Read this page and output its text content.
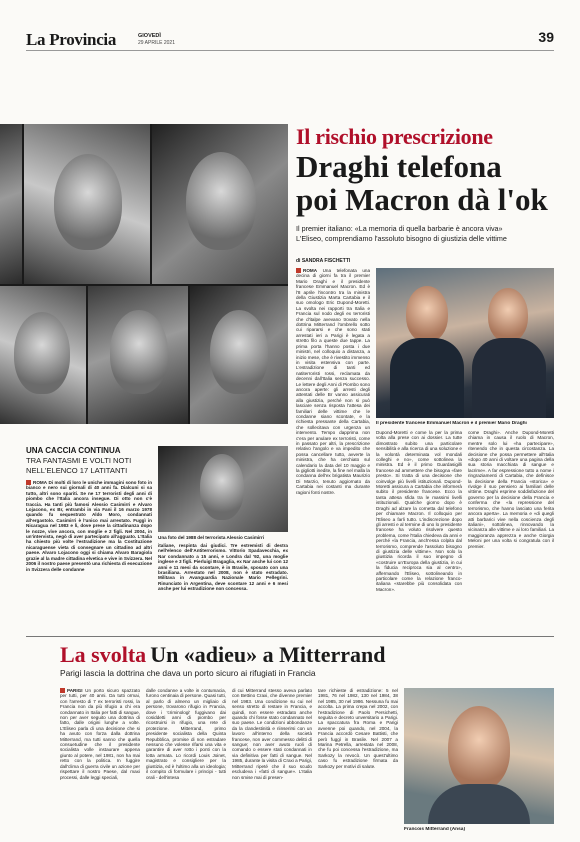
La Provincia	GIOVEDÌ
29 APRILE 2021	39
Il rischio prescrizione
Draghi telefona
poi Macron dà l'ok
Il premier italiano: «La memoria di quella barbarie è ancora viva»
L'Eliseo, comprendiamo l'assoluto bisogno di giustizia delle vittime
di SANDRA FISCHETTI
ROMA Una telefonata una decina di giorni fa tra il premier Mario Draghi e il presidente francese Emmanuel Macron. Ed è l'8 aprile l'incontro tra la ministra della Giustizia Marta Cartabia e il suo omologo Eric Dupond-Moretti. La svolta nei rapporti tra Italia e Francia sul nodo degli ex terroristi che d'italpe avevano trovato nella dottrina Mitterrand l'ombrello sotto cui ripararsi e che sono stati arrestati ieri a Parigi è legata a stretto filo a queste due tappe. La prima porta l'hanno posta i due ministri, nel colloquio a distanza, a inizio mese, che è rivestito immenso in visita estensiva con parte. L'estradizione di tanti ed natiterroristi rossi, reclamata da decenni dall'Italia senza successo. Le lettere degli Anni di Piombo sono ancora aperte: gli arresti degli attentati delle Br vanno assicurati alla giustizia, perché non si può lasciare senza risposta l'attesa dei familiari delle vittime che le condanne siano scontate, e la richiesta pressante della Cartabia, che sollecitava con urgenza un intervento. Tempo dapprima non c'era per anulare ex terroristi, come in passato per altri, la prescrizione relativo l'angolo e va impedito che possa cancellare tutto, avverte la ministra, che ha cerchiato sul calendario la data del 10 maggio e la gigliotti inedite, la fine nel malla la condanna dell'ex brigatista Maurizio Di Marzio, tenuto aggiornato da Cartabia nei costanti ma durante ragioni fonti nostre.
Il presidente francese Emmanuel Macron e il premier Mario Draghi
Dupond-Moretti e come la per la prima volta alla prese con ai dossier. La tutte dimostrato subito una particolare sensibilità e alla ricerca di una soluzione e la volontà determinata vol mondali colleghi e no», come sottolinea la ministra. Ed è il primo Guardasigilli francese ad ammettere che bisogna «fare presto». Si tratta di una decisione che coinvolge più livelli istituzionali. Dupond-Moretti assicura a Cartabia che informerà subito il presidente francese. Ecco la tanta attesa sfida tra le massimi livelli istituzionali. Qualche giorno dopo è Draghi ad alzare la cornetta dal telefono per chiamare Macron. Il colloquio per l'Eliseo a farli tutto. L'indiscrezione dopo gli arresti e al termine di uno lo presidente francese ha voluto risolvere questo problema, come l'Italia chiedeva da anni e perché «la Francia, anch'essa colpita dal terrorismo, comprende l'assoluto bisogno di giustizia delle vittime». Non solo la giustizia ricorda il suo impegno di «costruire un'Europa della giustizia, in cui la fiducia reciproca sia al centro», affermando l'Eliseo, sottolineando in particolare come la relazione franco-italiana «starebbe più consolidata con Macron».
come Draghi». Anche Dupond-Moretti chiama in causa il ruolo di Macron, mentre solo lui «ha partecipare», ritenendo che in questa circostanza. La decisione che possa permettere all'Italia «dopo 40 anni di voltare una pagina della sua storia macchiata di sangue e lacrime». A far espressione tutto a nome i ringraziamenti di Cartabia, che definisce la decisione della Francia «storica» e rivolge il suo pensiero ai familiari delle vittime. Draghi esprime soddisfazione del governo per la decisione della Francia e conferma che «la repressione del terrorismo, che hanno lasciato una ferita ancora aperta». La memoria e «di quegli atti barbarici vive nella coscienza degli italiani», sottolinea, rinnovando la vicinanza alle vittime e ai loro familiari. La maggioranza apprezza e anche Giorgia Meloni per una volta si congratula con il premier.
UNA CACCIA CONTINUA
TRA FANTASMI E VOLTI NOTI
NELL'ELENCO 17 LATITANTI
ROMA Di molti di loro le uniche immagini sono foto in bianco e nero sui giornali di 40 anni fa. Dialcuni si sa tutto, altri sono spariti. Se ne 17 terroristi degli anni di piombo che l'Italia ancora insegue. Di otto non c'è traccia. Ha tanti più famosi Alessio Casimirri e Alvaro Lojacono, ex Br, entrambi in via Fani il 16 marzo 1978 quando fu sequestrato Aldo Moro, condannati all'ergastolo. Casimirri è l'unico mai arrestato. Fuggì in Nicaragua nel 1983 e lì, dove prese la cittadinanza dopo le nozze, vive ancora, con moglie e 2 figli. Nel 2004, in un'intervista, negò di aver partecipato all'agguato. L'Italia ha chiesto più volte l'estradizione ma la Costituzione nicaraguense vieta di consegnare un cittadino ad altri paese. Alvaro Lojacono oggi si chiama Alvaro Baragiola grazie al la madre cittadina elvetica e vive in Svizzera. Nel 2006 il nostro paese presentò una richiesta di esecuzione in Svizzera delle condanne
Una foto del 1988 del terrorista Alessio Casimirri
italiane, respinta dai giudici. Tre estremisti di destra nell'elenco dell'Antiterrorismo. Vittorio Spadavecchia, ex Nar condannato a 15 anni, e Londra dal '92, una moglie inglese e 3 figli. Pierluigi Bragaglia, ex Nar anche lui con 12 anni e 11 mesi da scontare, è in Brasile, sposato con una brasiliana. Arrestato nel 2008, non è stato estradato. Militava in Avanguardia Nazionale Mario Pellegrini. Rinunciato in Argentina, deve scontare 12 anni e 6 mesi anche per lui estradizione non concessa.
La svolta Un «adieu» a Mitterrand
Parigi lascia la dottrina che dava un porto sicuro ai rifugiati in Francia
PARIGI Un porto sicuro spazzato per tutti, per 40 anni. Da tutti ormai, con l'arresto di 7 ex terroristi rossi, la Francia non da più rifugio a chi era condannato in Italia per fatti di sangue, non per aver seguito una dottrina di fatto, dalle origini lunghe a volte. L'Eliseo parla di una decisione che si ha avuto con forza dalla dottrina Mitterrand, ma tutti sanno che quella consuetudine che il presidente socialista volle instaurare appena giunto al potere, nel 1981, non ha mai retto con la politica. In fuggire dall'clima di guerra civile un azione per rispettare il nostro Paese, dal maxi processi, dalle leggi speciali,
dalle condanne a volte in contumacia, furono centinaia di persone. Quasi tutti, al parlo di almeno un migliaio di persone, trovarono rifugio in Francia, dove i 'criminologi' fuggivano dai cosiddetti anni di piombo per ricostruirsi in rifugio, una rete di protezione. Mitterrand, primo presidente socialista della Quinta Repubblica, promise di non estradare nessuno che volesse rifarsi una vita e garantire di aver rotto i ponti con la lotta armata. Lo ricordi Louis Joinet, magistrato e consigliere per la giustizia, ed è l'ultimo alla un ideologia; il compito di formulare i principi - tutti orali - dell'intesa
di cui Mitterrand stesso aveva parlato con Bettino Craxi, che divenne premier nel 1983. Una condizione su cui nel senso stretto di restare in Francia, e quindi, non essere estradato anche quando chi fosse stato condannato nel suo paese. Le condizioni abbondanze da la clandestinità e riinserirsi con un lavoro all'interno della società francese, non aver commesso delitti di sangue; non aver avuto ruoli di comando o essere stati condannati in via definitiva per fatti di sangue. Nel 1985, durante la visita di Craxi a Parigi, Mitterrand ripeté che il suo scudo escludeva i «fatti di sangue». L'Italia non smise mai di presen-
tare richieste di estradizione: 5 nel 1981, 76 nel 1982, 130 nel 1984, 38 nel 1985, 30 nel 1986. Nessuna fu mai accolta. La prima crepa nel 2002, con l'estradizione di Paolo Persichetti, seguita e decreto unversitario a Parigi. La spaccatura fra Roma e Parigi avvenne poi quando, nel 2004, la Francia accordò Cesare Battisti, che però fuggì in Brasile. Nel 2007 a Marina Petrella, arrestata nel 2008, che fu poi concessa l'estradizione, ma Sarkozy la revocò. Un quest'ultimo caso fu estradizione firmata da Sarkozy per motivi di salute.
Francois Mitterrand (Ansa)
